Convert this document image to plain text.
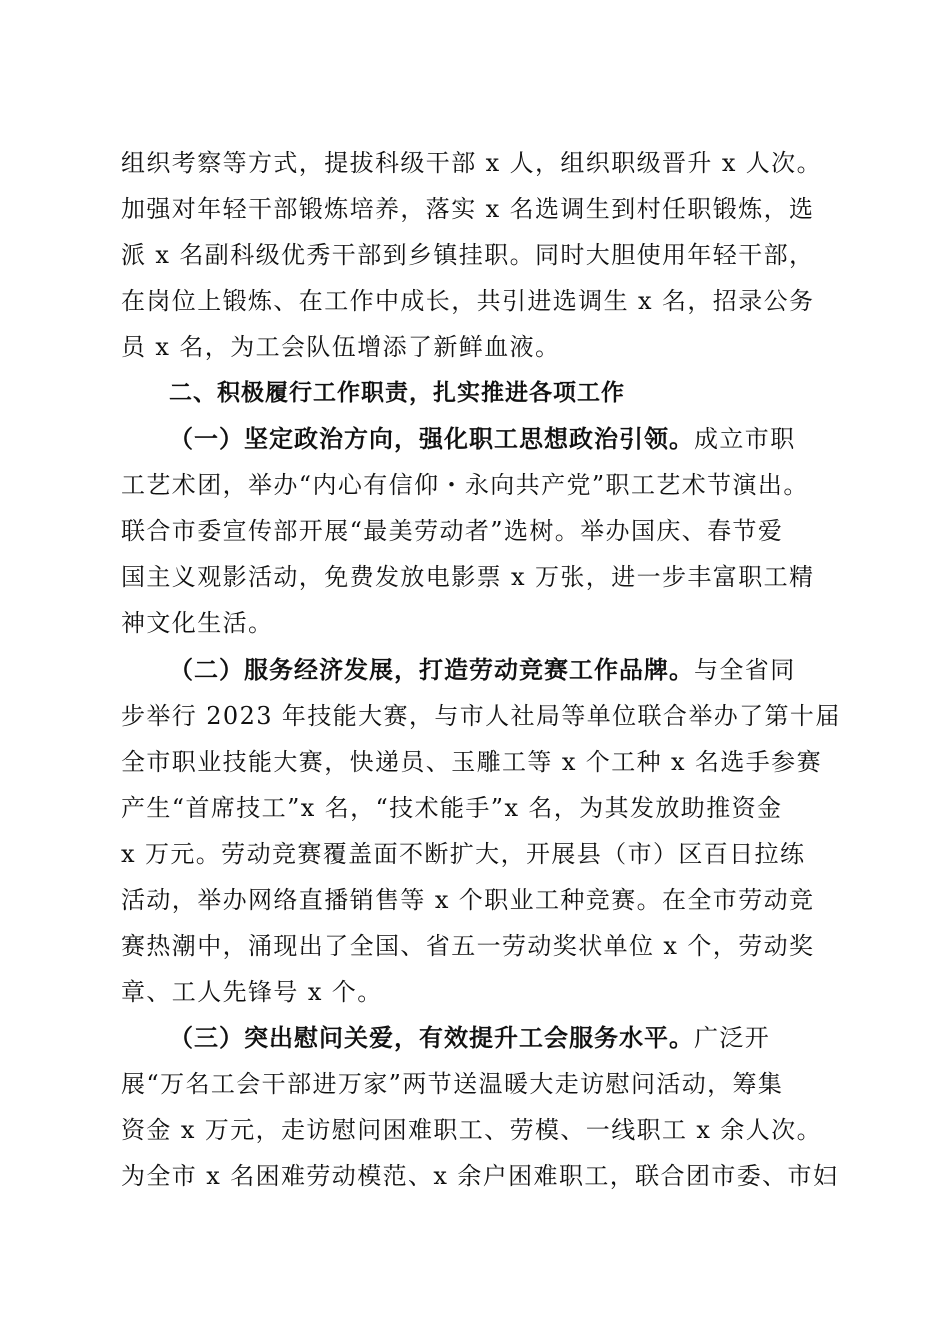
组织考察等方式，提拔科级干部 x 人，组织职级晋升 x 人次。
加强对年轻干部锻炼培养，落实 x 名选调生到村任职锻炼，选
派 x 名副科级优秀干部到乡镇挂职。同时大胆使用年轻干部，
在岗位上锻炼、在工作中成长，共引进选调生 x 名，招录公务
员 x 名，为工会队伍增添了新鲜血液。
二、积极履行工作职责，扎实推进各项工作
（一）坚定政治方向，强化职工思想政治引领。成立市职
工艺术团，举办“内心有信仰・永向共产党”职工艺术节演出。
联合市委宣传部开展“最美劳动者”选树。举办国庆、春节爱
国主义观影活动，免费发放电影票 x 万张，进一步丰富职工精
神文化生活。
（二）服务经济发展，打造劳动竞赛工作品牌。与全省同
步举行 2023 年技能大赛，与市人社局等单位联合举办了第十届
全市职业技能大赛，快递员、玉雕工等 x 个工种 x 名选手参赛
产生“首席技工”x 名，“技术能手”x 名，为其发放助推资金
x 万元。劳动竞赛覆盖面不断扩大，开展县（市）区百日拉练
活动，举办网络直播销售等 x 个职业工种竞赛。在全市劳动竞
赛热潮中，涌现出了全国、省五一劳动奖状单位 x 个，劳动奖
章、工人先锋号 x 个。
（三）突出慰问关爱，有效提升工会服务水平。广泛开
展“万名工会干部进万家”两节送温暖大走访慰问活动，筹集
资金 x 万元，走访慰问困难职工、劳模、一线职工 x 余人次。
为全市 x 名困难劳动模范、x 余户困难职工，联合团市委、市妇
